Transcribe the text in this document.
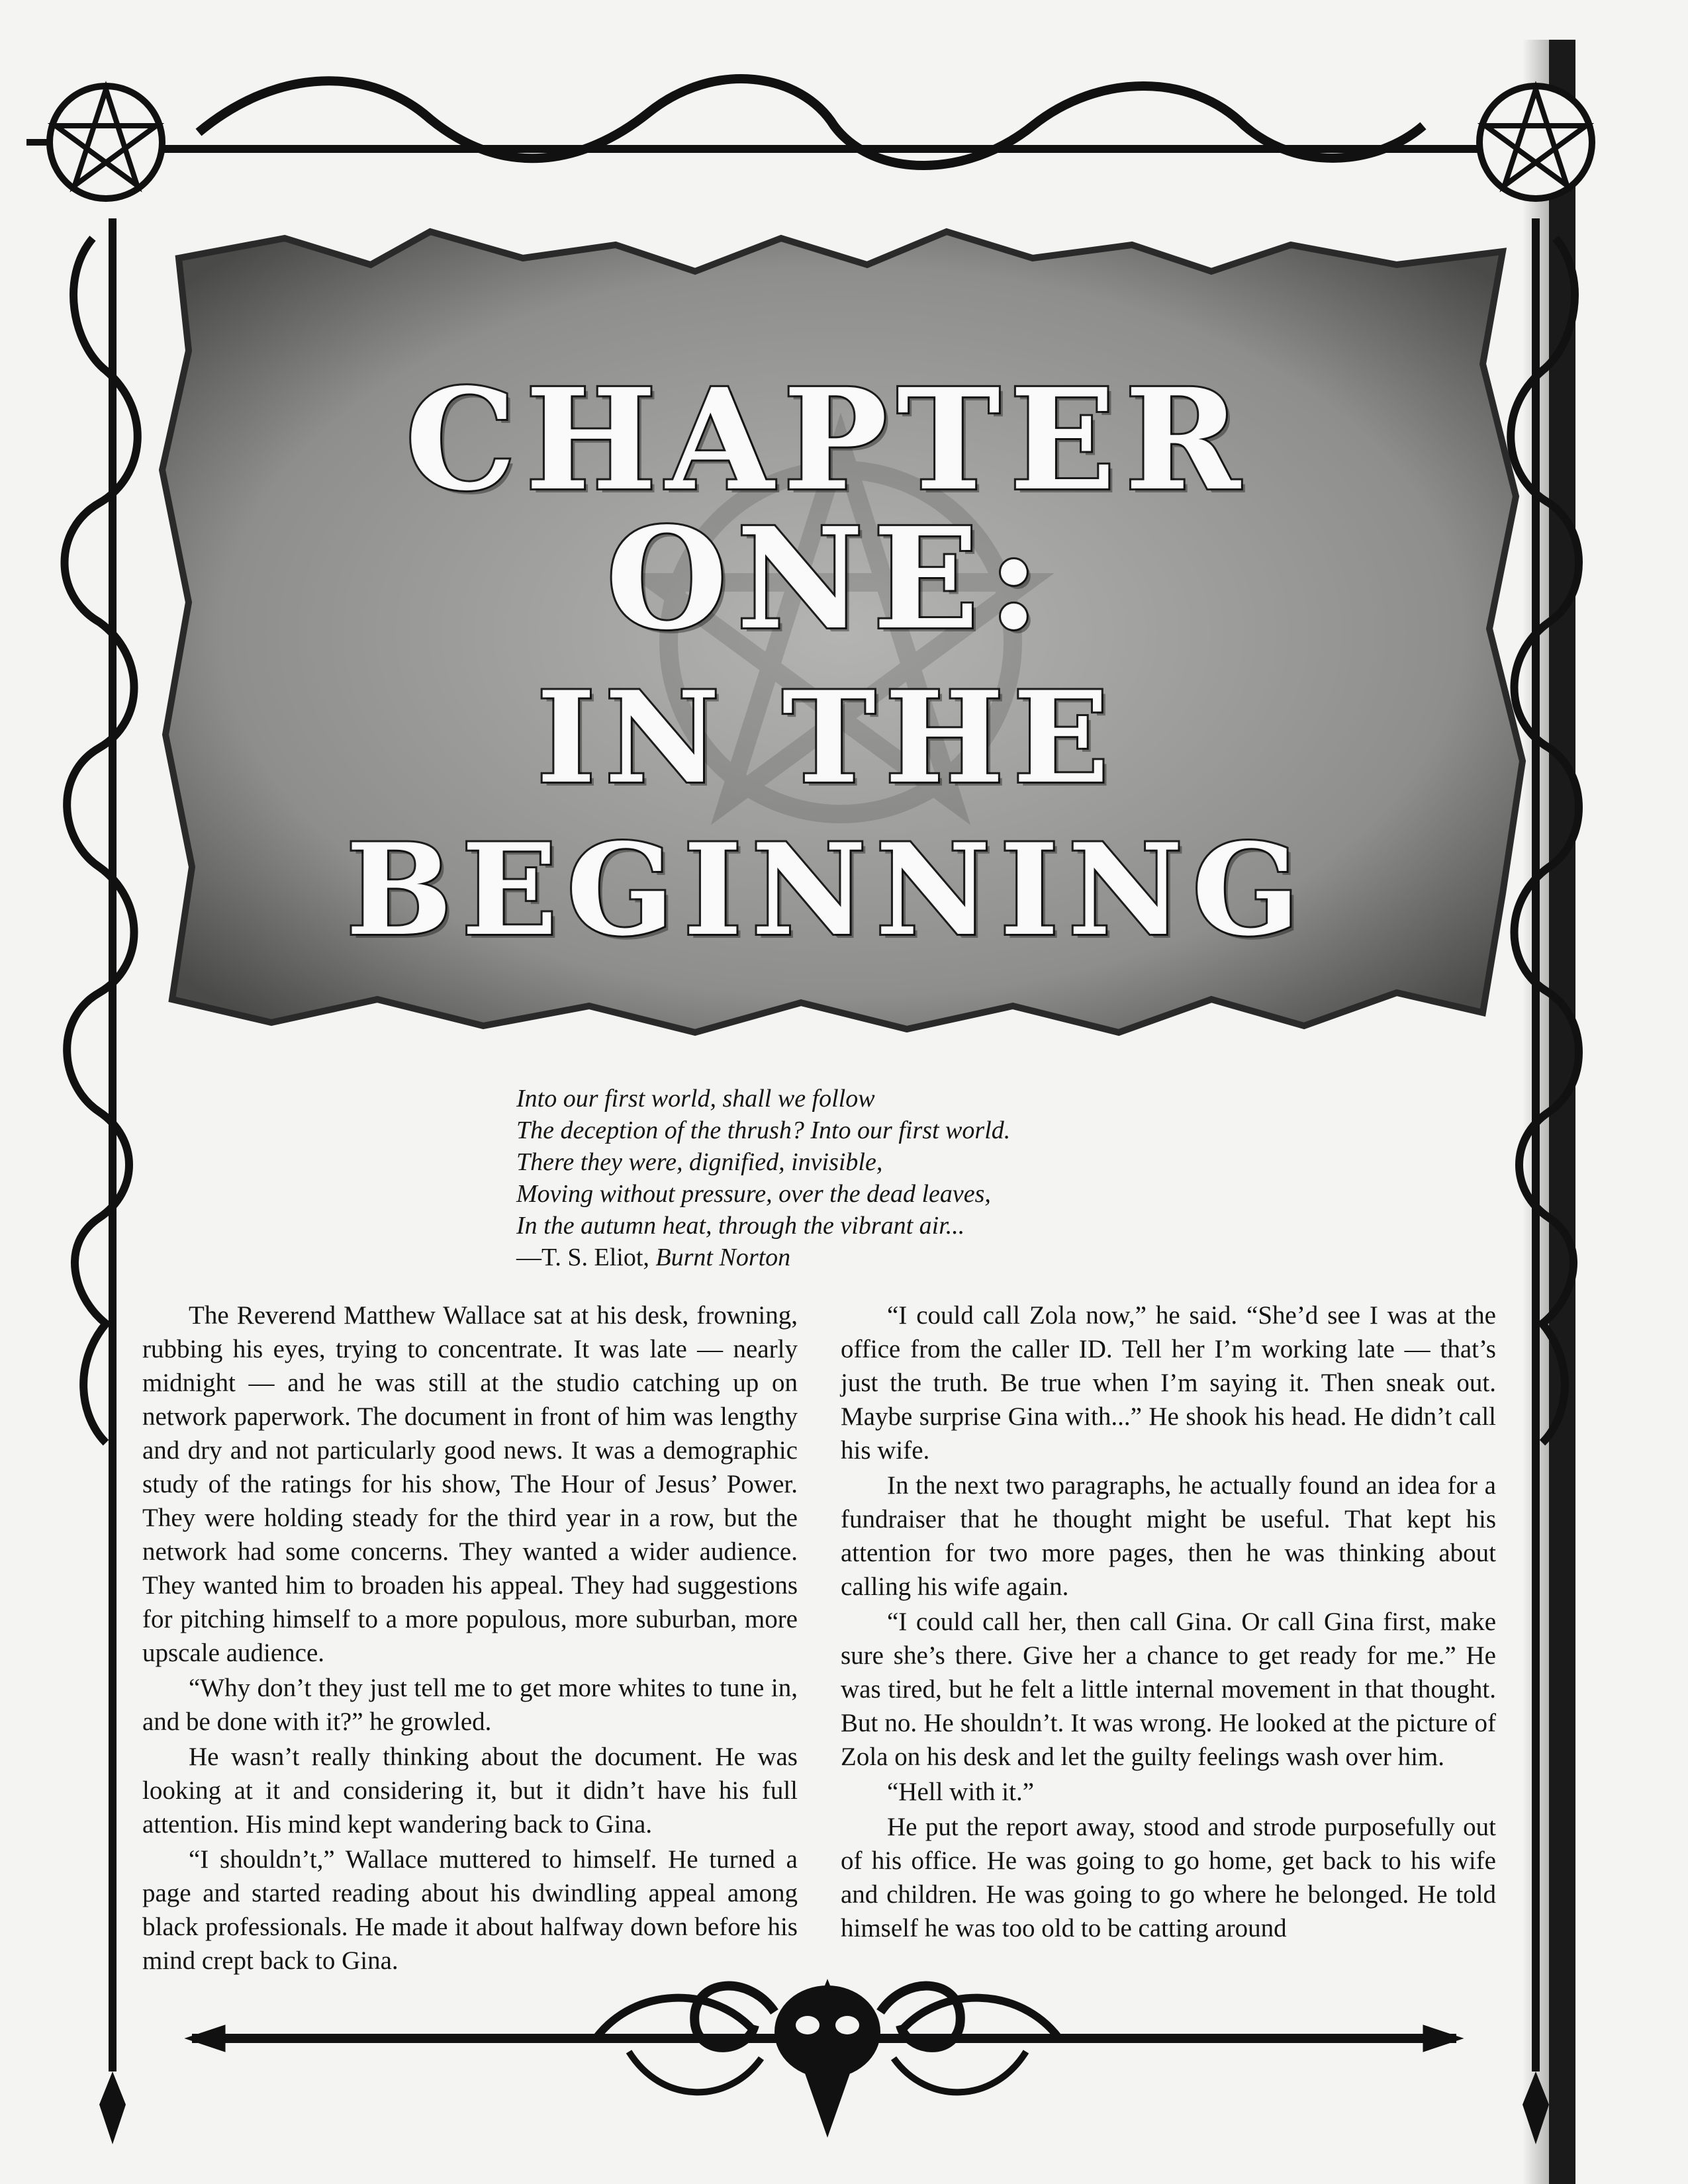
CHAPTER ONE:
IN THE
BEGINNING
Into our first world, shall we follow
The deception of the thrush? Into our first world.
There they were, dignified, invisible,
Moving without pressure, over the dead leaves,
In the autumn heat, through the vibrant air...
—T. S. Eliot, Burnt Norton

The Reverend Matthew Wallace sat at his desk, frowning, rubbing his eyes, trying to concentrate. It was late — nearly midnight — and he was still at the studio catching up on network paperwork. The document in front of him was lengthy and dry and not particularly good news. It was a demographic study of the ratings for his show, The Hour of Jesus’ Power. They were holding steady for the third year in a row, but the network had some concerns. They wanted a wider audience. They wanted him to broaden his appeal. They had suggestions for pitching himself to a more populous, more suburban, more upscale audience.

“Why don’t they just tell me to get more whites to tune in, and be done with it?” he growled.

He wasn’t really thinking about the document. He was looking at it and considering it, but it didn’t have his full attention. His mind kept wandering back to Gina.

“I shouldn’t,” Wallace muttered to himself. He turned a page and started reading about his dwindling appeal among black professionals. He made it about halfway down before his mind crept back to Gina.

“I could call Zola now,” he said. “She’d see I was at the office from the caller ID. Tell her I’m working late — that’s just the truth. Be true when I’m saying it. Then sneak out. Maybe surprise Gina with...” He shook his head. He didn’t call his wife.

In the next two paragraphs, he actually found an idea for a fundraiser that he thought might be useful. That kept his attention for two more pages, then he was thinking about calling his wife again.

“I could call her, then call Gina. Or call Gina first, make sure she’s there. Give her a chance to get ready for me.” He was tired, but he felt a little internal movement in that thought. But no. He shouldn’t. It was wrong. He looked at the picture of Zola on his desk and let the guilty feelings wash over him.

“Hell with it.”

He put the report away, stood and strode purposefully out of his office. He was going to go home, get back to his wife and children. He was going to go where he belonged. He told himself he was too old to be catting around
